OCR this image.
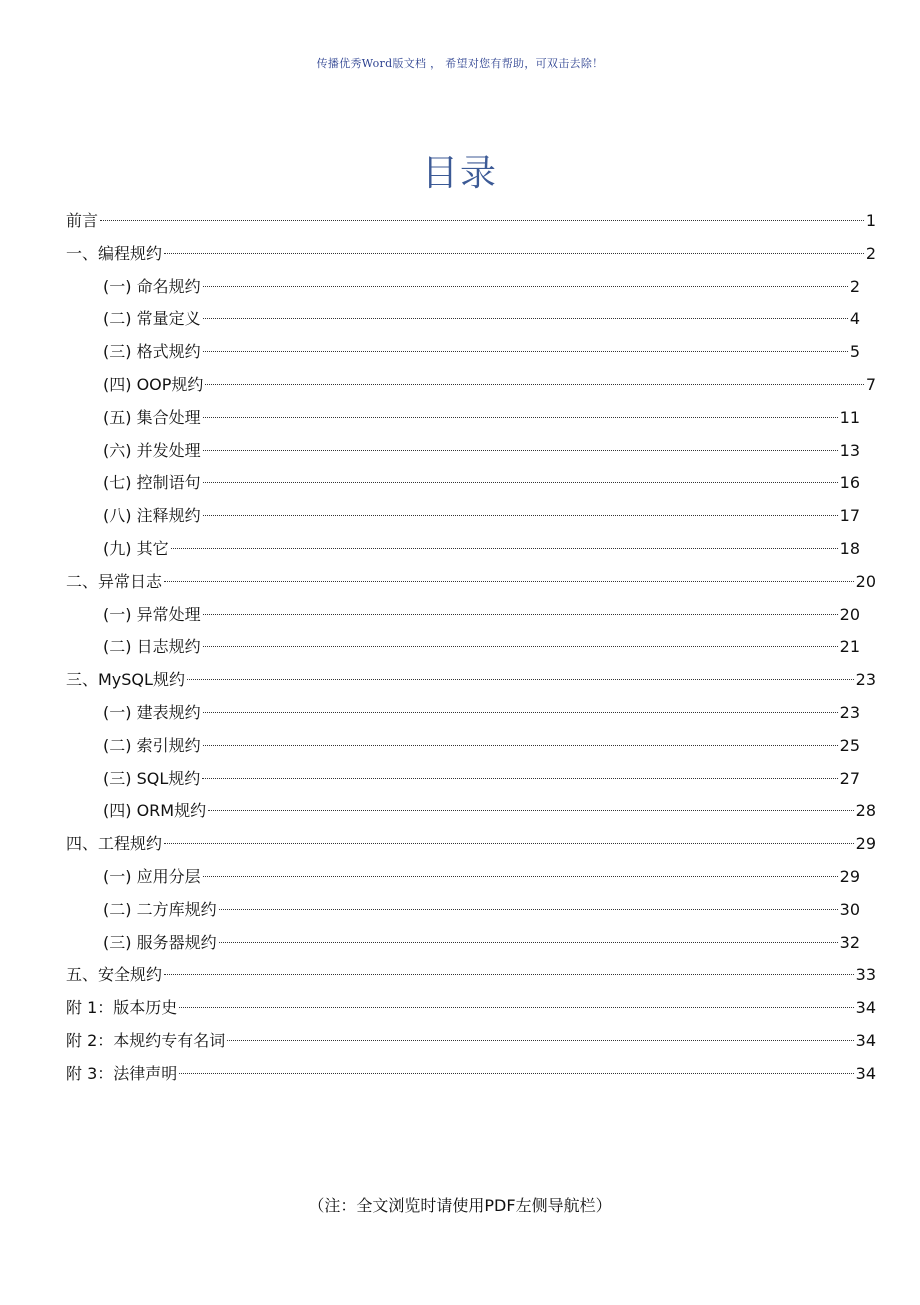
传播优秀Word版文档 ， 希望对您有帮助，可双击去除！
目录
前言	1
一、编程规约	2
(一) 命名规约	2
(二) 常量定义	4
(三) 格式规约	5
(四) OOP规约	7
(五) 集合处理	11
(六) 并发处理	13
(七) 控制语句	16
(八) 注释规约	17
(九) 其它	18
二、异常日志	20
(一) 异常处理	20
(二) 日志规约	21
三、MySQL规约	23
(一) 建表规约	23
(二) 索引规约	25
(三) SQL规约	27
(四) ORM规约	28
四、工程规约	29
(一) 应用分层	29
(二) 二方库规约	30
(三) 服务器规约	32
五、安全规约	33
附 1：版本历史	34
附 2：本规约专有名词	34
附 3：法律声明	34
（注：全文浏览时请使用PDF左侧导航栏）
